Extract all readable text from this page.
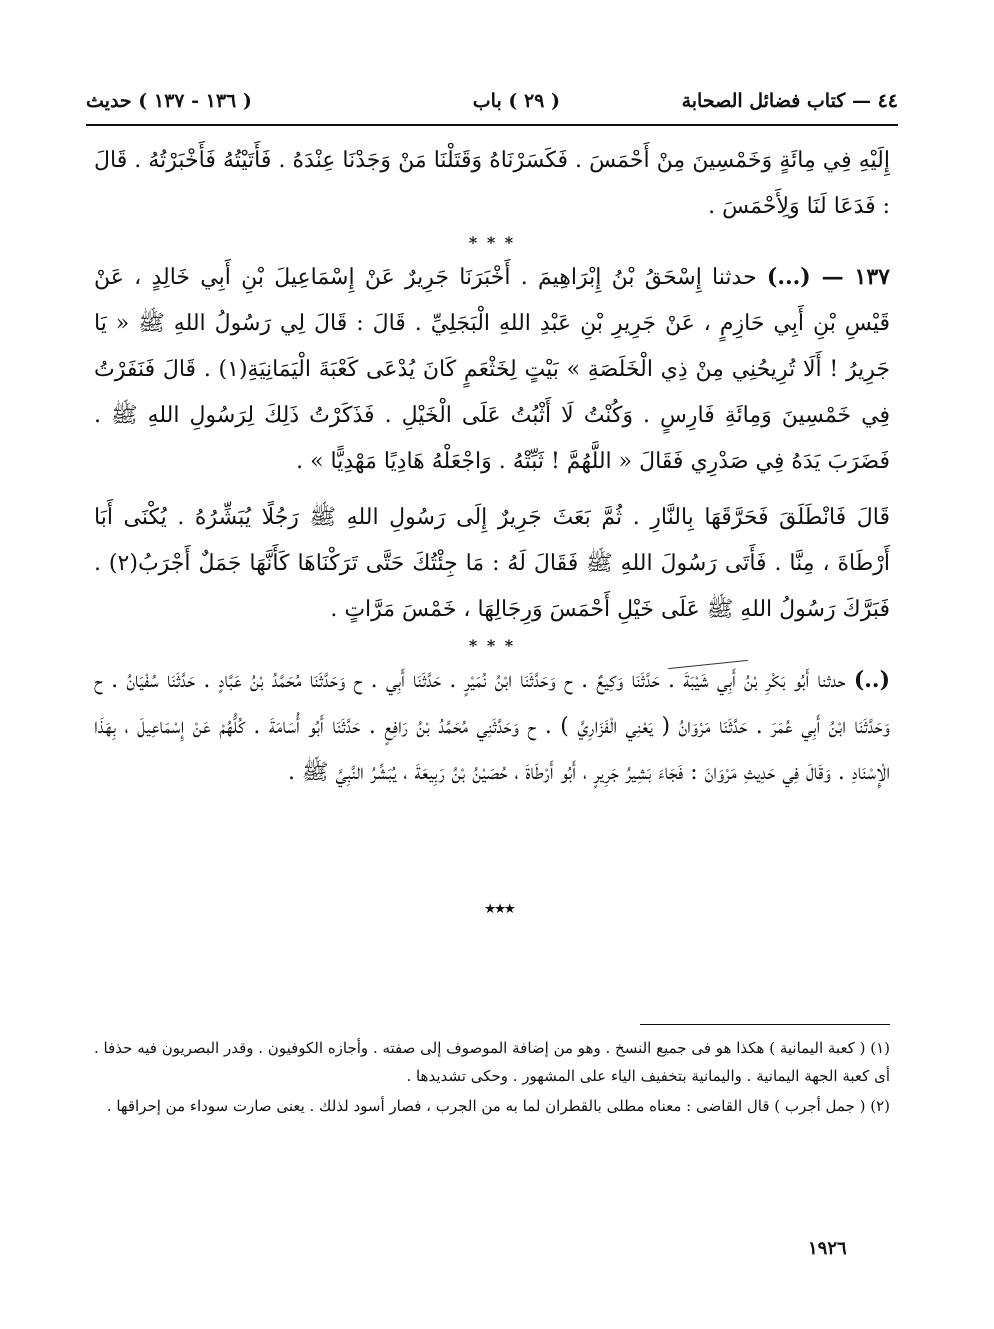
٤٤ — كتاب فضائل الصحابة
( ٢٩ ) باب
( ١٣٦ - ١٣٧ ) حديث

إِلَيْهِ فِي مِائَةٍ وَخَمْسِينَ مِنْ أَحْمَسَ . فَكَسَرْنَاهُ وَقَتَلْنَا مَنْ وَجَدْنَا عِنْدَهُ . فَأَتَيْتُهُ فَأَخْبَرْتُهُ . قَالَ : فَدَعَا لَنَا وَلِأَحْمَسَ .

* * *

١٣٧ — (...) حدثنا إِسْحَقُ بْنُ إِبْرَاهِيمَ . أَخْبَرَنَا جَرِيرٌ عَنْ إِسْمَاعِيلَ بْنِ أَبِي خَالِدٍ ، عَنْ قَيْسِ بْنِ أَبِي حَازِمٍ ، عَنْ جَرِيرِ بْنِ عَبْدِ اللهِ الْبَجَلِيِّ . قَالَ : قَالَ لِي رَسُولُ اللهِ ﷺ « يَا جَرِيرُ ! أَلَا تُرِيحُنِي مِنْ ذِي الْخَلَصَةِ » بَيْتٍ لِخَثْعَمٍ كَانَ يُدْعَى كَعْبَةَ الْيَمَانِيَةِ(١) . قَالَ فَنَفَرْتُ فِي خَمْسِينَ وَمِائَةِ فَارِسٍ . وَكُنْتُ لَا أَثْبُتُ عَلَى الْخَيْلِ . فَذَكَرْتُ ذَلِكَ لِرَسُولِ اللهِ ﷺ . فَضَرَبَ يَدَهُ فِي صَدْرِي فَقَالَ « اللَّهُمَّ ! ثَبِّتْهُ . وَاجْعَلْهُ هَادِيًا مَهْدِيًّا » .

قَالَ فَانْطَلَقَ فَحَرَّقَهَا بِالنَّارِ . ثُمَّ بَعَثَ جَرِيرٌ إِلَى رَسُولِ اللهِ ﷺ رَجُلًا يُبَشِّرُهُ . يُكْنَى أَبَا أَرْطَاةَ ، مِنَّا . فَأَتَى رَسُولَ اللهِ ﷺ فَقَالَ لَهُ : مَا جِئْتُكَ حَتَّى تَرَكْنَاهَا كَأَنَّهَا جَمَلٌ أَجْرَبُ(٢) . فَبَرَّكَ رَسُولُ اللهِ ﷺ عَلَى خَيْلِ أَحْمَسَ وَرِجَالِهَا ، خَمْسَ مَرَّاتٍ .

* * *

(..) حدثنا أَبُو بَكْرِ بْنُ أَبِي شَيْبَةَ . حَدَّثَنَا وَكِيعٌ . ح وَحَدَّثَنَا ابْنُ نُمَيْرٍ . حَدَّثَنَا أَبِي . ح وَحَدَّثَنَا مُحَمَّدُ بْنُ عَبَّادٍ . حَدَّثَنَا سُفْيَانُ . ح وَحَدَّثَنَا ابْنُ أَبِي عُمَرَ . حَدَّثَنَا مَرْوَانُ ( يَعْنِي الْفَزَارِيَّ ) . ح وَحَدَّثَنِي مُحَمَّدُ بْنُ رَافِعٍ . حَدَّثَنَا أَبُو أُسَامَةَ . كُلُّهُمْ عَنْ إِسْمَاعِيلَ ، بِهَذَا الْإِسْنَادِ . وَقَالَ فِي حَدِيثِ مَرْوَانَ : فَجَاءَ بَشِيرُ جَرِيرٍ ، أَبُو أَرْطَاةَ ، حُصَيْنُ بْنُ رَبِيعَةَ ، يُبَشِّرُ النَّبِيَّ ﷺ .

٭٭٭

(١) ( كعبة اليمانية ) هكذا هو فى جميع النسخ . وهو من إضافة الموصوف إلى صفته . وأجازه الكوفيون . وقدر البصريون فيه حذفا . أى كعبة الجهة اليمانية . واليمانية بتخفيف الياء على المشهور . وحكى تشديدها .

(٢) ( جمل أجرب ) قال القاضى : معناه مطلى بالقطران لما به من الجرب ، فصار أسود لذلك . يعنى صارت سوداء من إحراقها .

١٩٢٦
